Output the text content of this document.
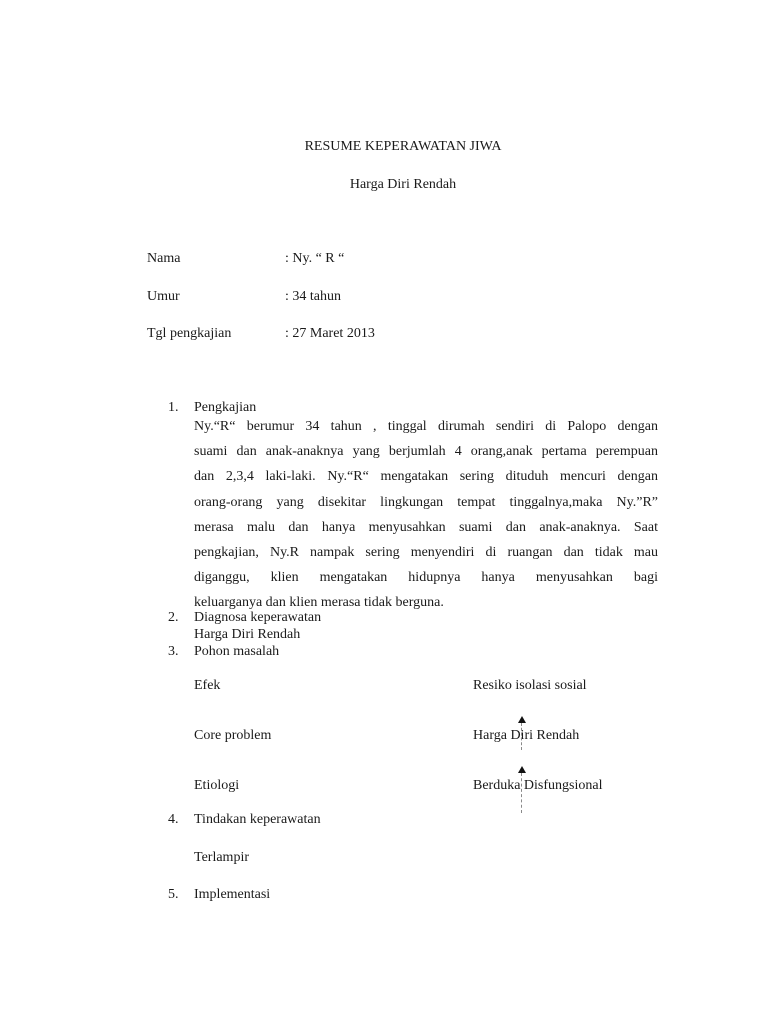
RESUME KEPERAWATAN JIWA
Harga Diri Rendah
Nama	: Ny. “ R “
Umur	: 34 tahun
Tgl pengkajian	: 27 Maret 2013
1. Pengkajian
Ny.“R“ berumur 34 tahun , tinggal dirumah sendiri di Palopo dengan
suami dan anak-anaknya yang berjumlah 4 orang,anak pertama perempuan
dan 2,3,4 laki-laki. Ny.“R“ mengatakan sering dituduh mencuri dengan
orang-orang yang disekitar lingkungan tempat tinggalnya,maka Ny.”R”
merasa malu dan hanya menyusahkan suami dan anak-anaknya. Saat
pengkajian, Ny.R nampak sering menyendiri di ruangan dan tidak mau
diganggu, klien mengatakan hidupnya hanya menyusahkan bagi
keluarganya dan klien merasa tidak berguna.
2. Diagnosa keperawatan
Harga Diri Rendah
3. Pohon masalah
Efek	Resiko isolasi sosial
Core problem	Harga Diri Rendah
Etiologi	Berduka Disfungsional
4. Tindakan keperawatan
Terlampir
5. Implementasi
